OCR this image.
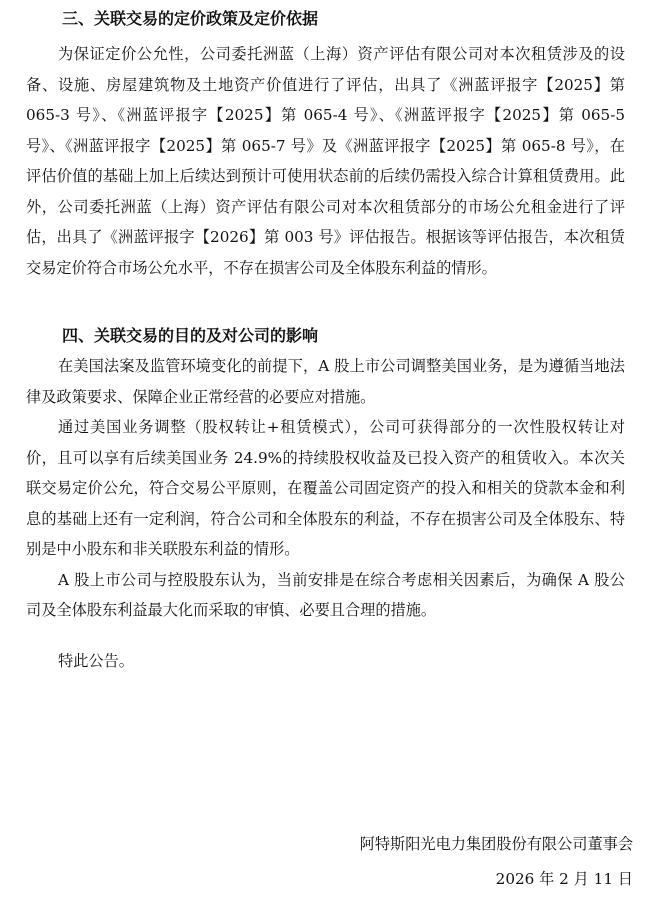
三、关联交易的定价政策及定价依据

为保证定价公允性，公司委托洲蓝（上海）资产评估有限公司对本次租赁涉及的设备、设施、房屋建筑物及土地资产价值进行了评估，出具了《洲蓝评报字【2025】第 065-3 号》、《洲蓝评报字【2025】第 065-4 号》、《洲蓝评报字【2025】第 065-5 号》、《洲蓝评报字【2025】第 065-7 号》及《洲蓝评报字【2025】第 065-8 号》，在评估价值的基础上加上后续达到预计可使用状态前的后续仍需投入综合计算租赁费用。此外，公司委托洲蓝（上海）资产评估有限公司对本次租赁部分的市场公允租金进行了评估，出具了《洲蓝评报字【2026】第 003 号》评估报告。根据该等评估报告，本次租赁交易定价符合市场公允水平，不存在损害公司及全体股东利益的情形。

四、关联交易的目的及对公司的影响

在美国法案及监管环境变化的前提下，A 股上市公司调整美国业务，是为遵循当地法律及政策要求、保障企业正常经营的必要应对措施。

通过美国业务调整（股权转让+租赁模式），公司可获得部分的一次性股权转让对价，且可以享有后续美国业务 24.9%的持续股权收益及已投入资产的租赁收入。本次关联交易定价公允，符合交易公平原则，在覆盖公司固定资产的投入和相关的贷款本金和利息的基础上还有一定利润，符合公司和全体股东的利益，不存在损害公司及全体股东、特别是中小股东和非关联股东利益的情形。

A 股上市公司与控股股东认为，当前安排是在综合考虑相关因素后，为确保 A 股公司及全体股东利益最大化而采取的审慎、必要且合理的措施。

特此公告。

阿特斯阳光电力集团股份有限公司董事会
2026 年 2 月 11 日
